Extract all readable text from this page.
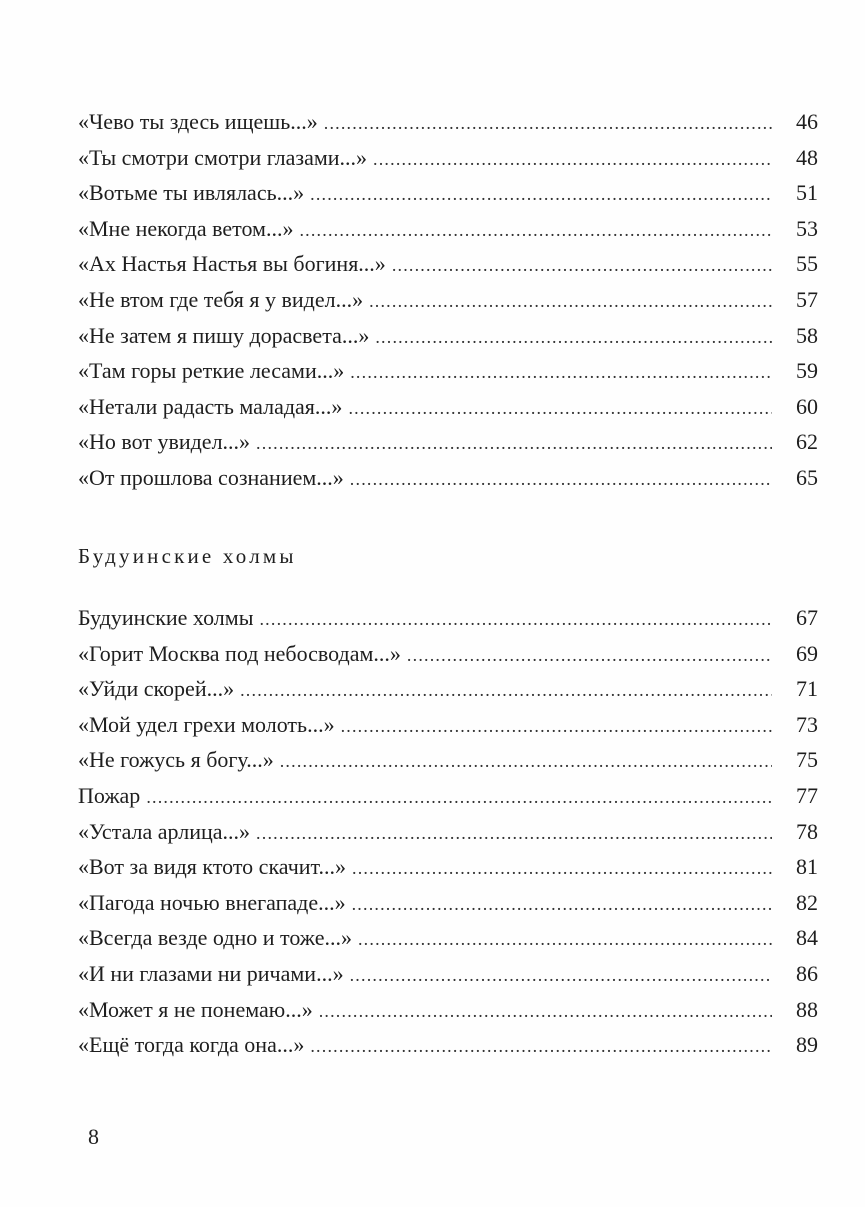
«Чево ты здесь ищешь...» .....	46
«Ты смотри смотри глазами...» .....	48
«Вотьме ты ивлялась...» .....	51
«Мне некогда ветом...» .....	53
«Ах Настья Настья вы богиня...» .....	55
«Не втом где тебя я у видел...» .....	57
«Не затем я пишу дорасвета...» .....	58
«Там горы реткие лесами...» .....	59
«Нетали радасть маладая...» .....	60
«Но вот увидел...» .....	62
«От прошлова сознанием...» .....	65
Будуинские холмы
Будуинские холмы .....	67
«Горит Москва под небосводам...» .....	69
«Уйди скорей...» .....	71
«Мой удел грехи молоть...» .....	73
«Не гожусь я богу...» .....	75
Пожар .....	77
«Устала арлица...» .....	78
«Вот за видя ктото скачит...» .....	81
«Пагода ночью внегападе...» .....	82
«Всегда везде одно и тоже...» .....	84
«И ни глазами ни ричами...» .....	86
«Может я не понемаю...» .....	88
«Ещё тогда когда она...» .....	89
8
